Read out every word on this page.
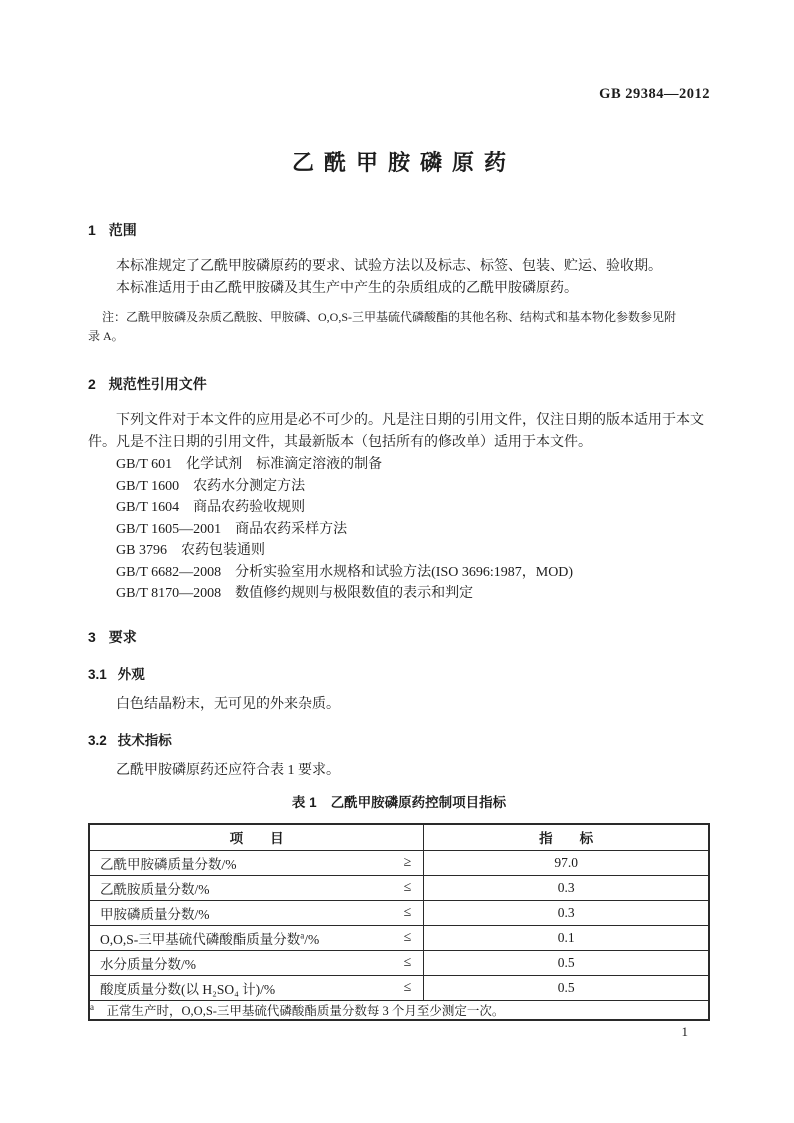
GB 29384—2012
乙酰甲胺磷原药
1 范围
本标准规定了乙酰甲胺磷原药的要求、试验方法以及标志、标签、包装、贮运、验收期。
本标准适用于由乙酰甲胺磷及其生产中产生的杂质组成的乙酰甲胺磷原药。
注：乙酰甲胺磷及杂质乙酰胺、甲胺磷、O,O,S-三甲基硫代磷酸酯的其他名称、结构式和基本物化参数参见附
录 A。
2 规范性引用文件
下列文件对于本文件的应用是必不可少的。凡是注日期的引用文件，仅注日期的版本适用于本文
件。凡是不注日期的引用文件，其最新版本（包括所有的修改单）适用于本文件。
GB/T 601　化学试剂　标准滴定溶液的制备
GB/T 1600　农药水分测定方法
GB/T 1604　商品农药验收规则
GB/T 1605—2001　商品农药采样方法
GB 3796　农药包装通则
GB/T 6682—2008　分析实验室用水规格和试验方法(ISO 3696:1987，MOD)
GB/T 8170—2008　数值修约规则与极限数值的表示和判定
3 要求
3.1 外观
白色结晶粉末，无可见的外来杂质。
3.2 技术指标
乙酰甲胺磷原药还应符合表 1 要求。
表 1 乙酰甲胺磷原药控制项目指标
项　　目	指　　标

乙酰甲胺磷质量分数/% ≥	97.0

乙酰胺质量分数/% ≤	0.3

甲胺磷质量分数/% ≤	0.3

O,O,S-三甲基硫代磷酸酯质量分数$^a$/% ≤	0.1

水分质量分数/% ≤	0.5

酸度质量分数(以 H₂SO₄ 计)/% ≤	0.5
$^a$　 正常生产时，O,O,S-三甲基硫代磷酸酯质量分数每 3 个月至少测定一次。	
1
